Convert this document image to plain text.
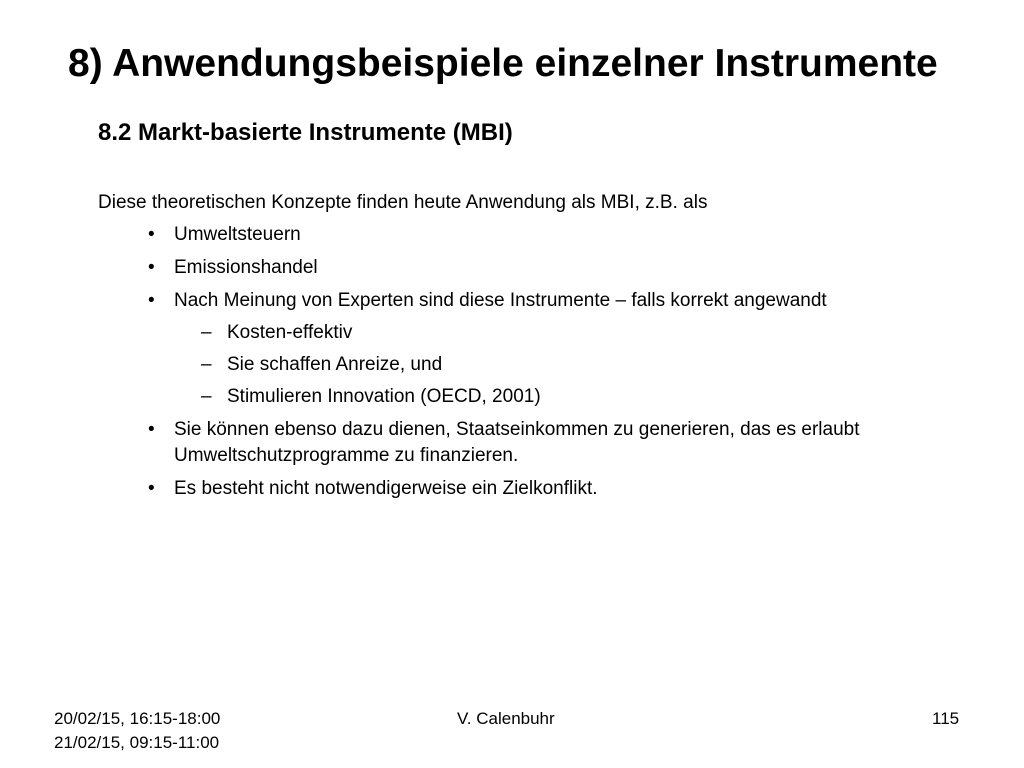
8) Anwendungsbeispiele einzelner Instrumente
8.2 Markt-basierte Instrumente (MBI)
Diese theoretischen Konzepte finden heute Anwendung als MBI, z.B. als
• Umweltsteuern
• Emissionshandel
• Nach Meinung von Experten sind diese Instrumente – falls korrekt angewandt
– Kosten-effektiv
– Sie schaffen Anreize, und
– Stimulieren Innovation (OECD, 2001)
• Sie können ebenso dazu dienen, Staatseinkommen zu generieren, das es erlaubt Umweltschutzprogramme zu finanzieren.
• Es besteht nicht notwendigerweise ein Zielkonflikt.
20/02/15, 16:15-18:00
21/02/15, 09:15-11:00
V. Calenbuhr	115
